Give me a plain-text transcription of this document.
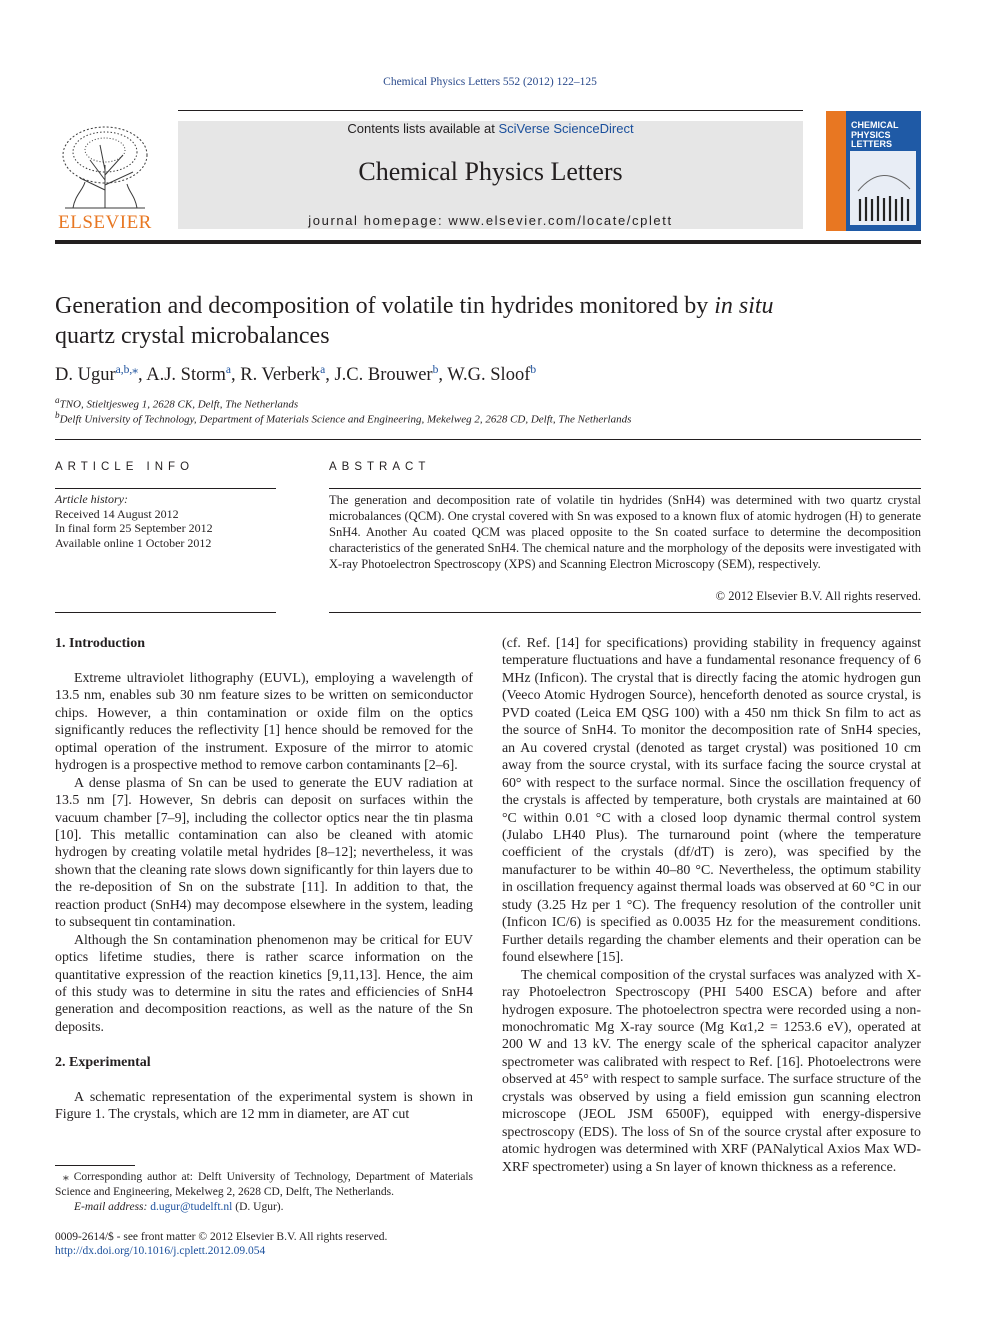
Chemical Physics Letters 552 (2012) 122–125
ELSEVIER
Contents lists available at SciVerse ScienceDirect
Chemical Physics Letters
journal homepage: www.elsevier.com/locate/cplett
CHEMICAL
PHYSICS
LETTERS
Generation and decomposition of volatile tin hydrides monitored by in situ
quartz crystal microbalances
D. Ugur$^{a,b,⁎}$, A.J. Storm$^a$, R. Verberk$^a$, J.C. Brouwer$^b$, W.G. Sloof$^b$
$^a$TNO, Stieltjesweg 1, 2628 CK, Delft, The Netherlands
$^b$Delft University of Technology, Department of Materials Science and Engineering, Mekelweg 2, 2628 CD, Delft, The Netherlands
ARTICLE INFO	ABSTRACT
Article history:
Received 14 August 2012
In final form 25 September 2012
Available online 1 October 2012
The generation and decomposition rate of volatile tin hydrides (SnH4) was determined with two quartz crystal microbalances (QCM). One crystal covered with Sn was exposed to a known flux of atomic hydrogen (H) to generate SnH4. Another Au coated QCM was placed opposite to the Sn coated surface to determine the decomposition characteristics of the generated SnH4. The chemical nature and the morphology of the deposits were investigated with X-ray Photoelectron Spectroscopy (XPS) and Scanning Electron Microscopy (SEM), respectively.
© 2012 Elsevier B.V. All rights reserved.
1. Introduction

Extreme ultraviolet lithography (EUVL), employing a wavelength of 13.5 nm, enables sub 30 nm feature sizes to be written on semiconductor chips. However, a thin contamination or oxide film on the optics significantly reduces the reflectivity [1] hence should be removed for the optimal operation of the instrument. Exposure of the mirror to atomic hydrogen is a prospective method to remove carbon contaminants [2–6].

A dense plasma of Sn can be used to generate the EUV radiation at 13.5 nm [7]. However, Sn debris can deposit on surfaces within the vacuum chamber [7–9], including the collector optics near the tin plasma [10]. This metallic contamination can also be cleaned with atomic hydrogen by creating volatile metal hydrides [8–12]; nevertheless, it was shown that the cleaning rate slows down significantly for thin layers due to the re-deposition of Sn on the substrate [11]. In addition to that, the reaction product (SnH4) may decompose elsewhere in the system, leading to subsequent tin contamination.

Although the Sn contamination phenomenon may be critical for EUV optics lifetime studies, there is rather scarce information on the quantitative expression of the reaction kinetics [9,11,13]. Hence, the aim of this study was to determine in situ the rates and efficiencies of SnH4 generation and decomposition reactions, as well as the nature of the Sn deposits.

2. Experimental

A schematic representation of the experimental system is shown in Figure 1. The crystals, which are 12 mm in diameter, are AT cut

(cf. Ref. [14] for specifications) providing stability in frequency against temperature fluctuations and have a fundamental resonance frequency of 6 MHz (Inficon). The crystal that is directly facing the atomic hydrogen gun (Veeco Atomic Hydrogen Source), henceforth denoted as source crystal, is PVD coated (Leica EM QSG 100) with a 450 nm thick Sn film to act as the source of SnH4. To monitor the decomposition rate of SnH4 species, an Au covered crystal (denoted as target crystal) was positioned 10 cm away from the source crystal, with its surface facing the source crystal at 60° with respect to the surface normal. Since the oscillation frequency of the crystals is affected by temperature, both crystals are maintained at 60 °C within 0.01 °C with a closed loop dynamic thermal control system (Julabo LH40 Plus). The turnaround point (where the temperature coefficient of the crystals (df/dT) is zero), was specified by the manufacturer to be within 40–80 °C. Nevertheless, the optimum stability in oscillation frequency against thermal loads was observed at 60 °C in our study (3.25 Hz per 1 °C). The frequency resolution of the controller unit (Inficon IC/6) is specified as 0.0035 Hz for the measurement conditions. Further details regarding the chamber elements and their operation can be found elsewhere [15].

The chemical composition of the crystal surfaces was analyzed with X-ray Photoelectron Spectroscopy (PHI 5400 ESCA) before and after hydrogen exposure. The photoelectron spectra were recorded using a non-monochromatic Mg X-ray source (Mg Kα1,2 = 1253.6 eV), operated at 200 W and 13 kV. The energy scale of the spherical capacitor analyzer spectrometer was calibrated with respect to Ref. [16]. Photoelectrons were observed at 45° with respect to sample surface. The surface structure of the crystals was observed by using a field emission gun scanning electron microscope (JEOL JSM 6500F), equipped with energy-dispersive spectroscopy (EDS). The loss of Sn of the source crystal after exposure to atomic hydrogen was determined with XRF (PANalytical Axios Max WD-XRF spectrometer) using a Sn layer of known thickness as a reference.

⁎ Corresponding author at: Delft University of Technology, Department of Materials Science and Engineering, Mekelweg 2, 2628 CD, Delft, The Netherlands.
E-mail address: d.ugur@tudelft.nl (D. Ugur).
0009-2614/$ - see front matter © 2012 Elsevier B.V. All rights reserved.
http://dx.doi.org/10.1016/j.cplett.2012.09.054
